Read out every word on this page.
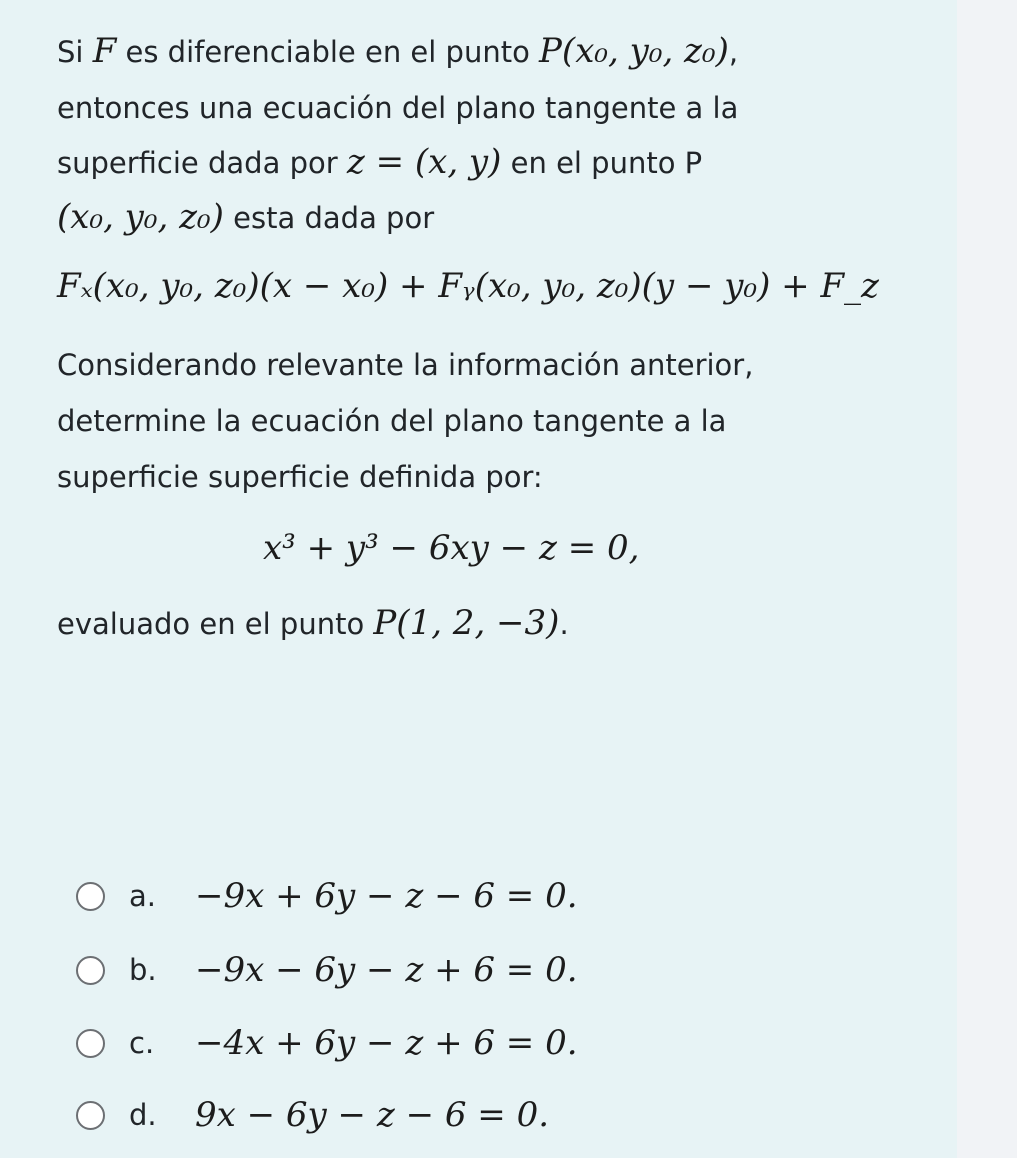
Si F es diferenciable en el punto P(x₀, y₀, z₀),
entonces una ecuación del plano tangente a la
superficie dada por z = (x, y) en el punto P
(x₀, y₀, z₀) esta dada por
Fₓ(x₀, y₀, z₀)(x − x₀) + Fᵧ(x₀, y₀, z₀)(y − y₀) + F_z
Considerando relevante la información anterior,
determine la ecuación del plano tangente a la
superficie superficie definida por:
x³ + y³ − 6xy − z = 0,
evaluado en el punto P(1, 2, −3).
a.	−9x + 6y − z − 6 = 0.
b.	−9x − 6y − z + 6 = 0.
c.	−4x + 6y − z + 6 = 0.
d.	9x − 6y − z − 6 = 0.
